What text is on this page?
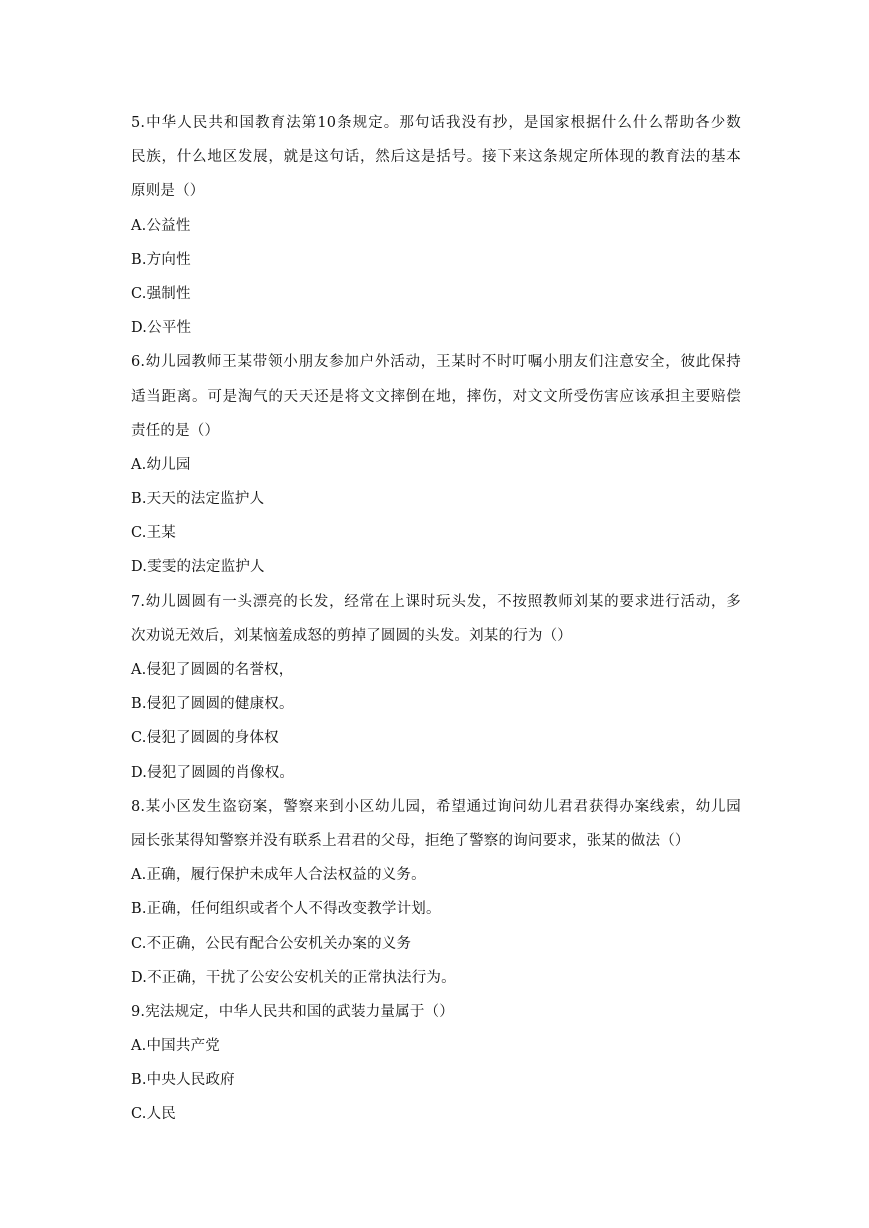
5.中华人民共和国教育法第10条规定。那句话我没有抄，是国家根据什么什么帮助各少数
民族，什么地区发展，就是这句话，然后这是括号。接下来这条规定所体现的教育法的基本
原则是（）
A.公益性
B.方向性
C.强制性
D.公平性
6.幼儿园教师王某带领小朋友参加户外活动，王某时不时叮嘱小朋友们注意安全，彼此保持
适当距离。可是淘气的天天还是将文文摔倒在地，摔伤，对文文所受伤害应该承担主要赔偿
责任的是（）
A.幼儿园
B.天天的法定监护人
C.王某
D.雯雯的法定监护人
7.幼儿圆圆有一头漂亮的长发，经常在上课时玩头发，不按照教师刘某的要求进行活动，多
次劝说无效后，刘某恼羞成怒的剪掉了圆圆的头发。刘某的行为（）
A.侵犯了圆圆的名誉权，
B.侵犯了圆圆的健康权。
C.侵犯了圆圆的身体权
D.侵犯了圆圆的肖像权。
8.某小区发生盗窃案，警察来到小区幼儿园，希望通过询问幼儿君君获得办案线索，幼儿园
园长张某得知警察并没有联系上君君的父母，拒绝了警察的询问要求，张某的做法（）
A.正确，履行保护未成年人合法权益的义务。
B.正确，任何组织或者个人不得改变教学计划。
C.不正确，公民有配合公安机关办案的义务
D.不正确，干扰了公安公安机关的正常执法行为。
9.宪法规定，中华人民共和国的武装力量属于（）
A.中国共产党
B.中央人民政府
C.人民
